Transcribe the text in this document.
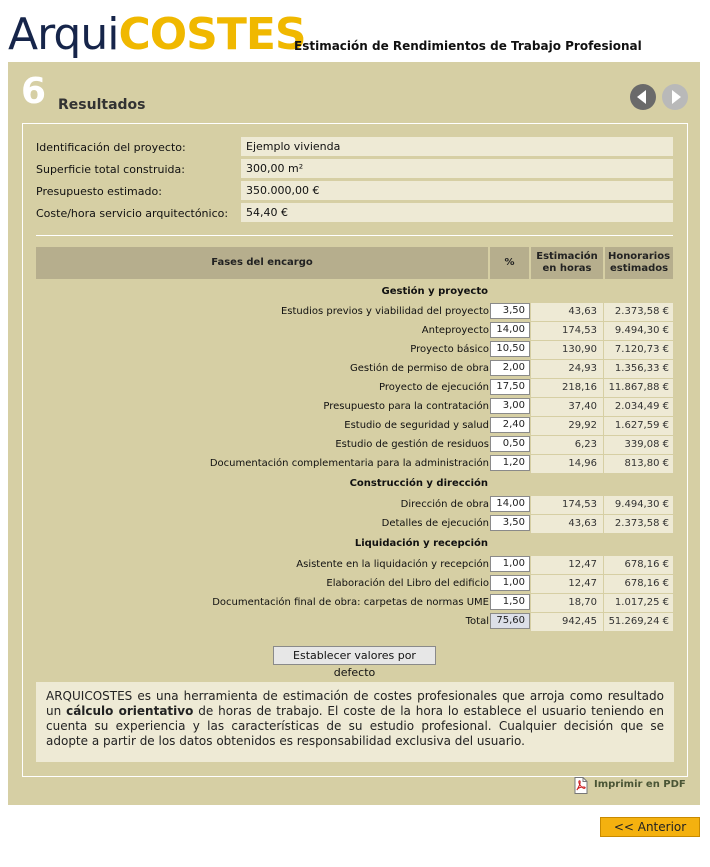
ArquiCOSTES
Estimación de Rendimientos de Trabajo Profesional
6 Resultados
Identificación del proyecto:	Ejemplo vivienda
Superficie total construida:	300,00 m²
Presupuesto estimado:	350.000,00 €
Coste/hora servicio arquitectónico:	54,40 €
Fases del encargo	%
Estimación
en horas
Honorarios
estimados
Gestión y proyecto
Estudios previos y viabilidad del proyecto	3,50	43,63	2.373,58 €
Anteproyecto 14,00	174,53	9.494,30 €
Proyecto básico 10,50	130,90	7.120,73 €
Gestión de permiso de obra	2,00	24,93	1.356,33 €
Proyecto de ejecución 17,50	218,16	11.867,88 €
Presupuesto para la contratación	3,00	37,40	2.034,49 €
Estudio de seguridad y salud	2,40	29,92	1.627,59 €
Estudio de gestión de residuos	0,50	6,23	339,08 €
Documentación complementaria para la administración	1,20	14,96	813,80 €
Construcción y dirección
Dirección de obra 14,00	174,53	9.494,30 €
Detalles de ejecución	3,50	43,63	2.373,58 €
Liquidación y recepción
Asistente en la liquidación y recepción	1,00	12,47	678,16 €
Elaboración del Libro del edificio	1,00	12,47	678,16 €
Documentación final de obra: carpetas de normas UME	1,50	18,70	1.017,25 €
Total 75,60	942,45	51.269,24 €
Establecer valores por defecto
ARQUICOSTES es una herramienta de estimación de costes profesionales que arroja como resultado un cálculo orientativo de horas de trabajo. El coste de la hora lo establece el usuario teniendo en cuenta su experiencia y las características de su estudio profesional. Cualquier decisión que se adopte a partir de los datos obtenidos es responsabilidad exclusiva del usuario.
Imprimir en PDF
<< Anterior
